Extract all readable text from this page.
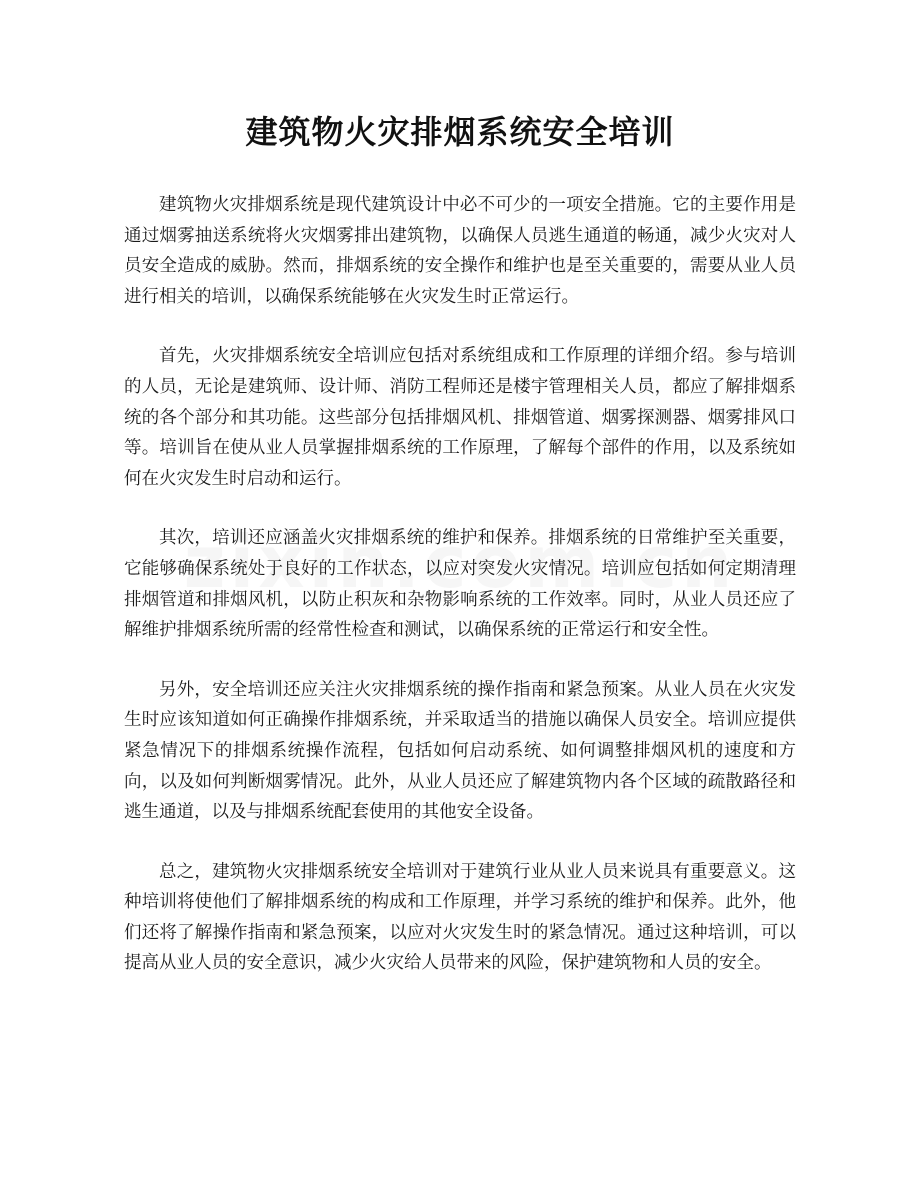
建筑物火灾排烟系统安全培训

建筑物火灾排烟系统是现代建筑设计中必不可少的一项安全措施。它的主要作用是通过烟雾抽送系统将火灾烟雾排出建筑物，以确保人员逃生通道的畅通，减少火灾对人员安全造成的威胁。然而，排烟系统的安全操作和维护也是至关重要的，需要从业人员进行相关的培训，以确保系统能够在火灾发生时正常运行。

首先，火灾排烟系统安全培训应包括对系统组成和工作原理的详细介绍。参与培训的人员，无论是建筑师、设计师、消防工程师还是楼宇管理相关人员，都应了解排烟系统的各个部分和其功能。这些部分包括排烟风机、排烟管道、烟雾探测器、烟雾排风口等。培训旨在使从业人员掌握排烟系统的工作原理，了解每个部件的作用，以及系统如何在火灾发生时启动和运行。

其次，培训还应涵盖火灾排烟系统的维护和保养。排烟系统的日常维护至关重要，它能够确保系统处于良好的工作状态，以应对突发火灾情况。培训应包括如何定期清理排烟管道和排烟风机，以防止积灰和杂物影响系统的工作效率。同时，从业人员还应了解维护排烟系统所需的经常性检查和测试，以确保系统的正常运行和安全性。

另外，安全培训还应关注火灾排烟系统的操作指南和紧急预案。从业人员在火灾发生时应该知道如何正确操作排烟系统，并采取适当的措施以确保人员安全。培训应提供紧急情况下的排烟系统操作流程，包括如何启动系统、如何调整排烟风机的速度和方向，以及如何判断烟雾情况。此外，从业人员还应了解建筑物内各个区域的疏散路径和逃生通道，以及与排烟系统配套使用的其他安全设备。

总之，建筑物火灾排烟系统安全培训对于建筑行业从业人员来说具有重要意义。这种培训将使他们了解排烟系统的构成和工作原理，并学习系统的维护和保养。此外，他们还将了解操作指南和紧急预案，以应对火灾发生时的紧急情况。通过这种培训，可以提高从业人员的安全意识，减少火灾给人员带来的风险，保护建筑物和人员的安全。
